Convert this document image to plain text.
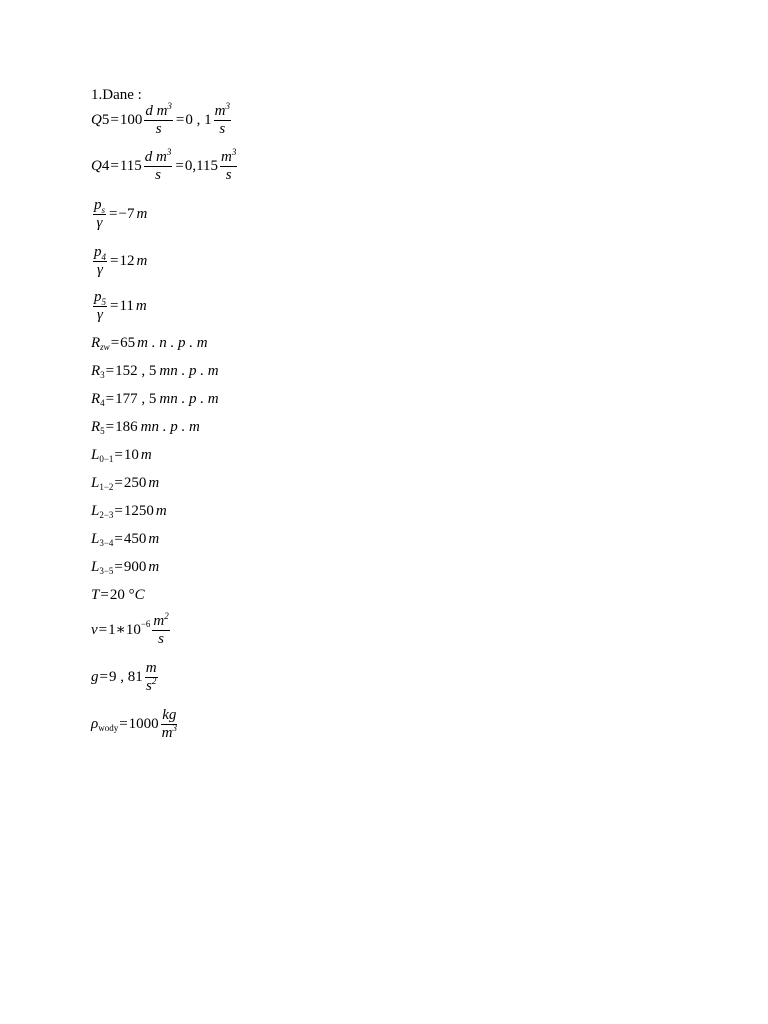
1.Dane :
Q $5 = 100 \frac{d m^3}{s} = 0$ , $1 \frac{m^3}{s}$
Q $4 = 115 \frac{d m^3}{s} = 0,115 \frac{m^3}{s}$
$\frac{p_s}{\gamma} = -7$ m
$\frac{p_4}{\gamma} = 12$ m
$\frac{p_5}{\gamma} = 11$ m
R zw = 65 m . n . p . m
R 3 = 152 , 5 mn . p . m
R 4 = 177 , 5 mn . p . m
R 5 = 186 mn . p . m
L 0−1 = 10 m
L 1−2 = 250 m
L 2−3 = 1250 m
L 3−4 = 450 m
L 3−5 = 900 m
T = 20 ° C
v = 1∗10 $-6 \frac{m^2}{s}$
g = 9 , $81 \frac{m}{s^2}$
ρ wody = $1000 \frac{kg}{m^3}$
